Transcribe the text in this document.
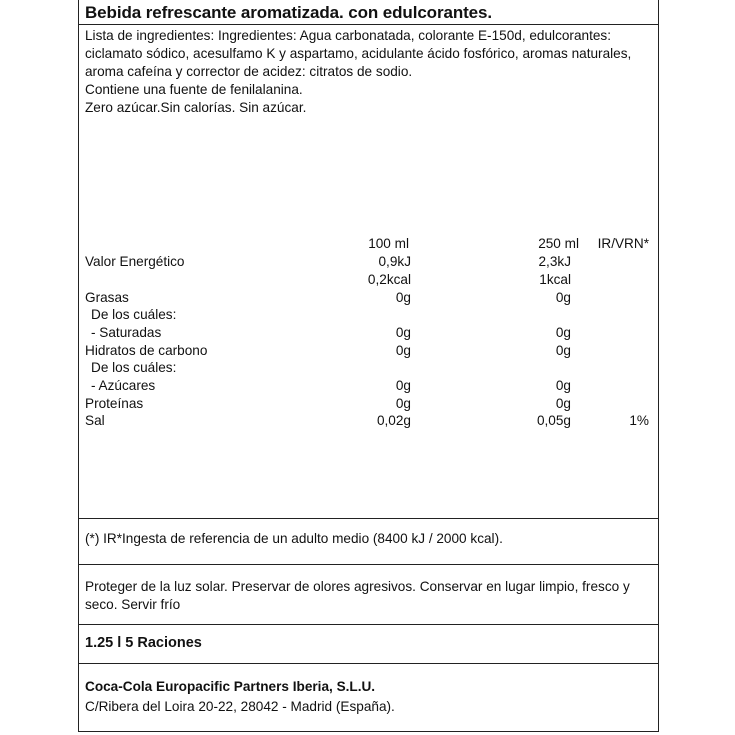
Bebida refrescante aromatizada. con edulcorantes.

Lista de ingredientes: Ingredientes: Agua carbonatada, colorante E-150d, edulcorantes: ciclamato sódico, acesulfamo K y aspartamo, acidulante ácido fosfórico, aromas naturales, aroma cafeína y corrector de acidez: citratos de sodio.

Contiene una fuente de fenilalanina.

Zero azúcar.Sin calorías. Sin azúcar.

100 ml	250 ml	IR/VRN*
Valor Energético	0,9kJ	2,3kJ
0,2kcal	1kcal
Grasas	0g	0g
De los cuáles:
- Saturadas	0g	0g
Hidratos de carbono	0g	0g
De los cuáles:
- Azúcares	0g	0g
Proteínas	0g	0g
Sal	0,02g	0,05g	1%
(*) IR*Ingesta de referencia de un adulto medio (8400 kJ / 2000 kcal).
Proteger de la luz solar. Preservar de olores agresivos. Conservar en lugar limpio, fresco y seco. Servir frío
1.25 l 5 Raciones
Coca-Cola Europacific Partners Iberia, S.L.U.
C/Ribera del Loira 20-22, 28042 - Madrid (España).
